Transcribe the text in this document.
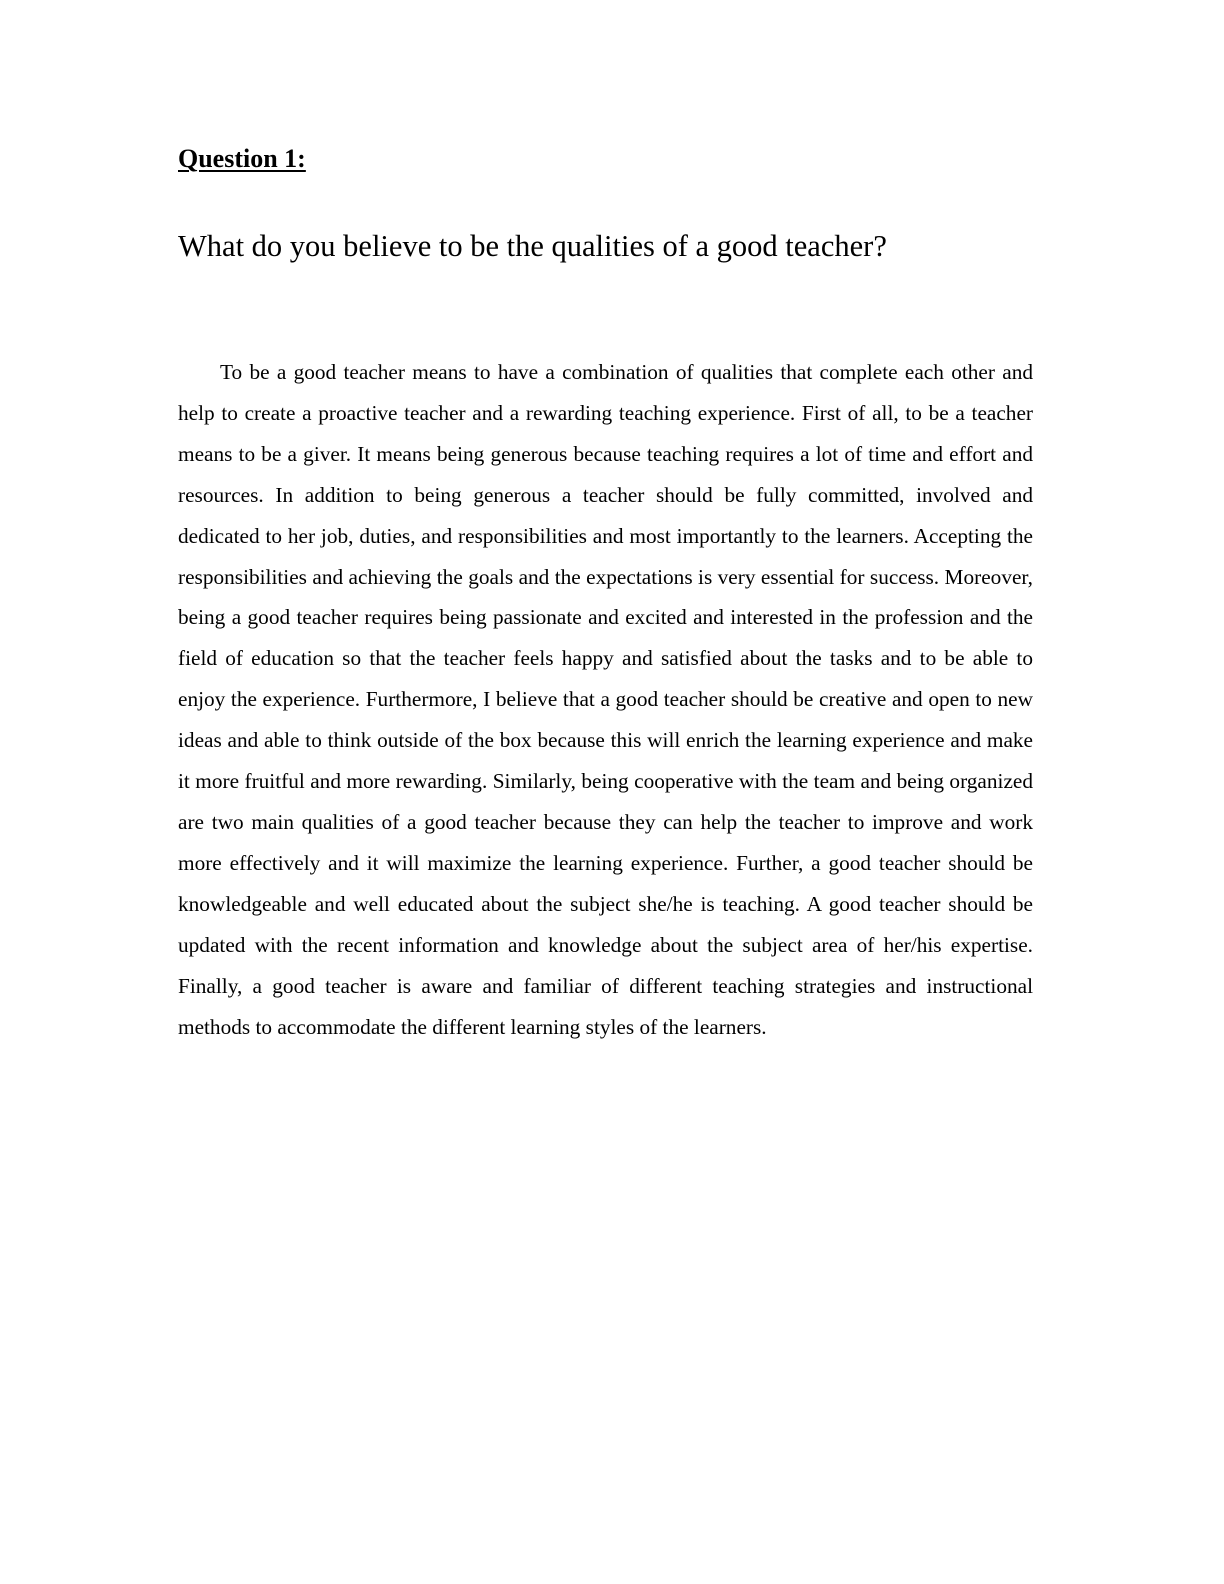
Question 1:
What do you believe to be the qualities of a good teacher?

To be a good teacher means to have a combination of qualities that complete each other and help to create a proactive teacher and a rewarding teaching experience. First of all, to be a teacher means to be a giver. It means being generous because teaching requires a lot of time and effort and resources. In addition to being generous a teacher should be fully committed, involved and dedicated to her job, duties, and responsibilities and most importantly to the learners. Accepting the responsibilities and achieving the goals and the expectations is very essential for success. Moreover, being a good teacher requires being passionate and excited and interested in the profession and the field of education so that the teacher feels happy and satisfied about the tasks and to be able to enjoy the experience. Furthermore, I believe that a good teacher should be creative and open to new ideas and able to think outside of the box because this will enrich the learning experience and make it more fruitful and more rewarding. Similarly, being cooperative with the team and being organized are two main qualities of a good teacher because they can help the teacher to improve and work more effectively and it will maximize the learning experience. Further, a good teacher should be knowledgeable and well educated about the subject she/he is teaching. A good teacher should be updated with the recent information and knowledge about the subject area of her/his expertise. Finally, a good teacher is aware and familiar of different teaching strategies and instructional methods to accommodate the different learning styles of the learners.
